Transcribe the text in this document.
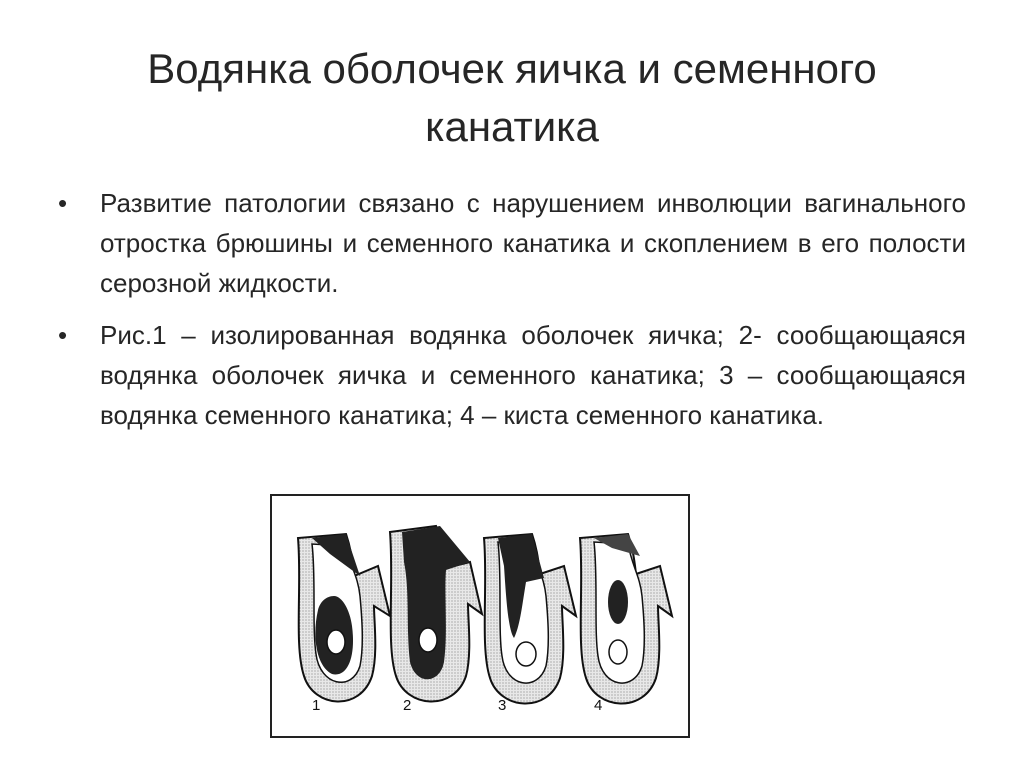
Водянка оболочек яичка и семенного канатика
• Развитие патологии связано с нарушением инволюции вагинального отростка брюшины и семенного канатика и скоплением в его полости серозной жидкости.
• Рис.1 – изолированная водянка оболочек яичка; 2- сообщающаяся водянка оболочек яичка и семенного канатика; 3 – сообщающаяся водянка семенного канатика; 4 – киста семенного канатика.
1	2	3	4
